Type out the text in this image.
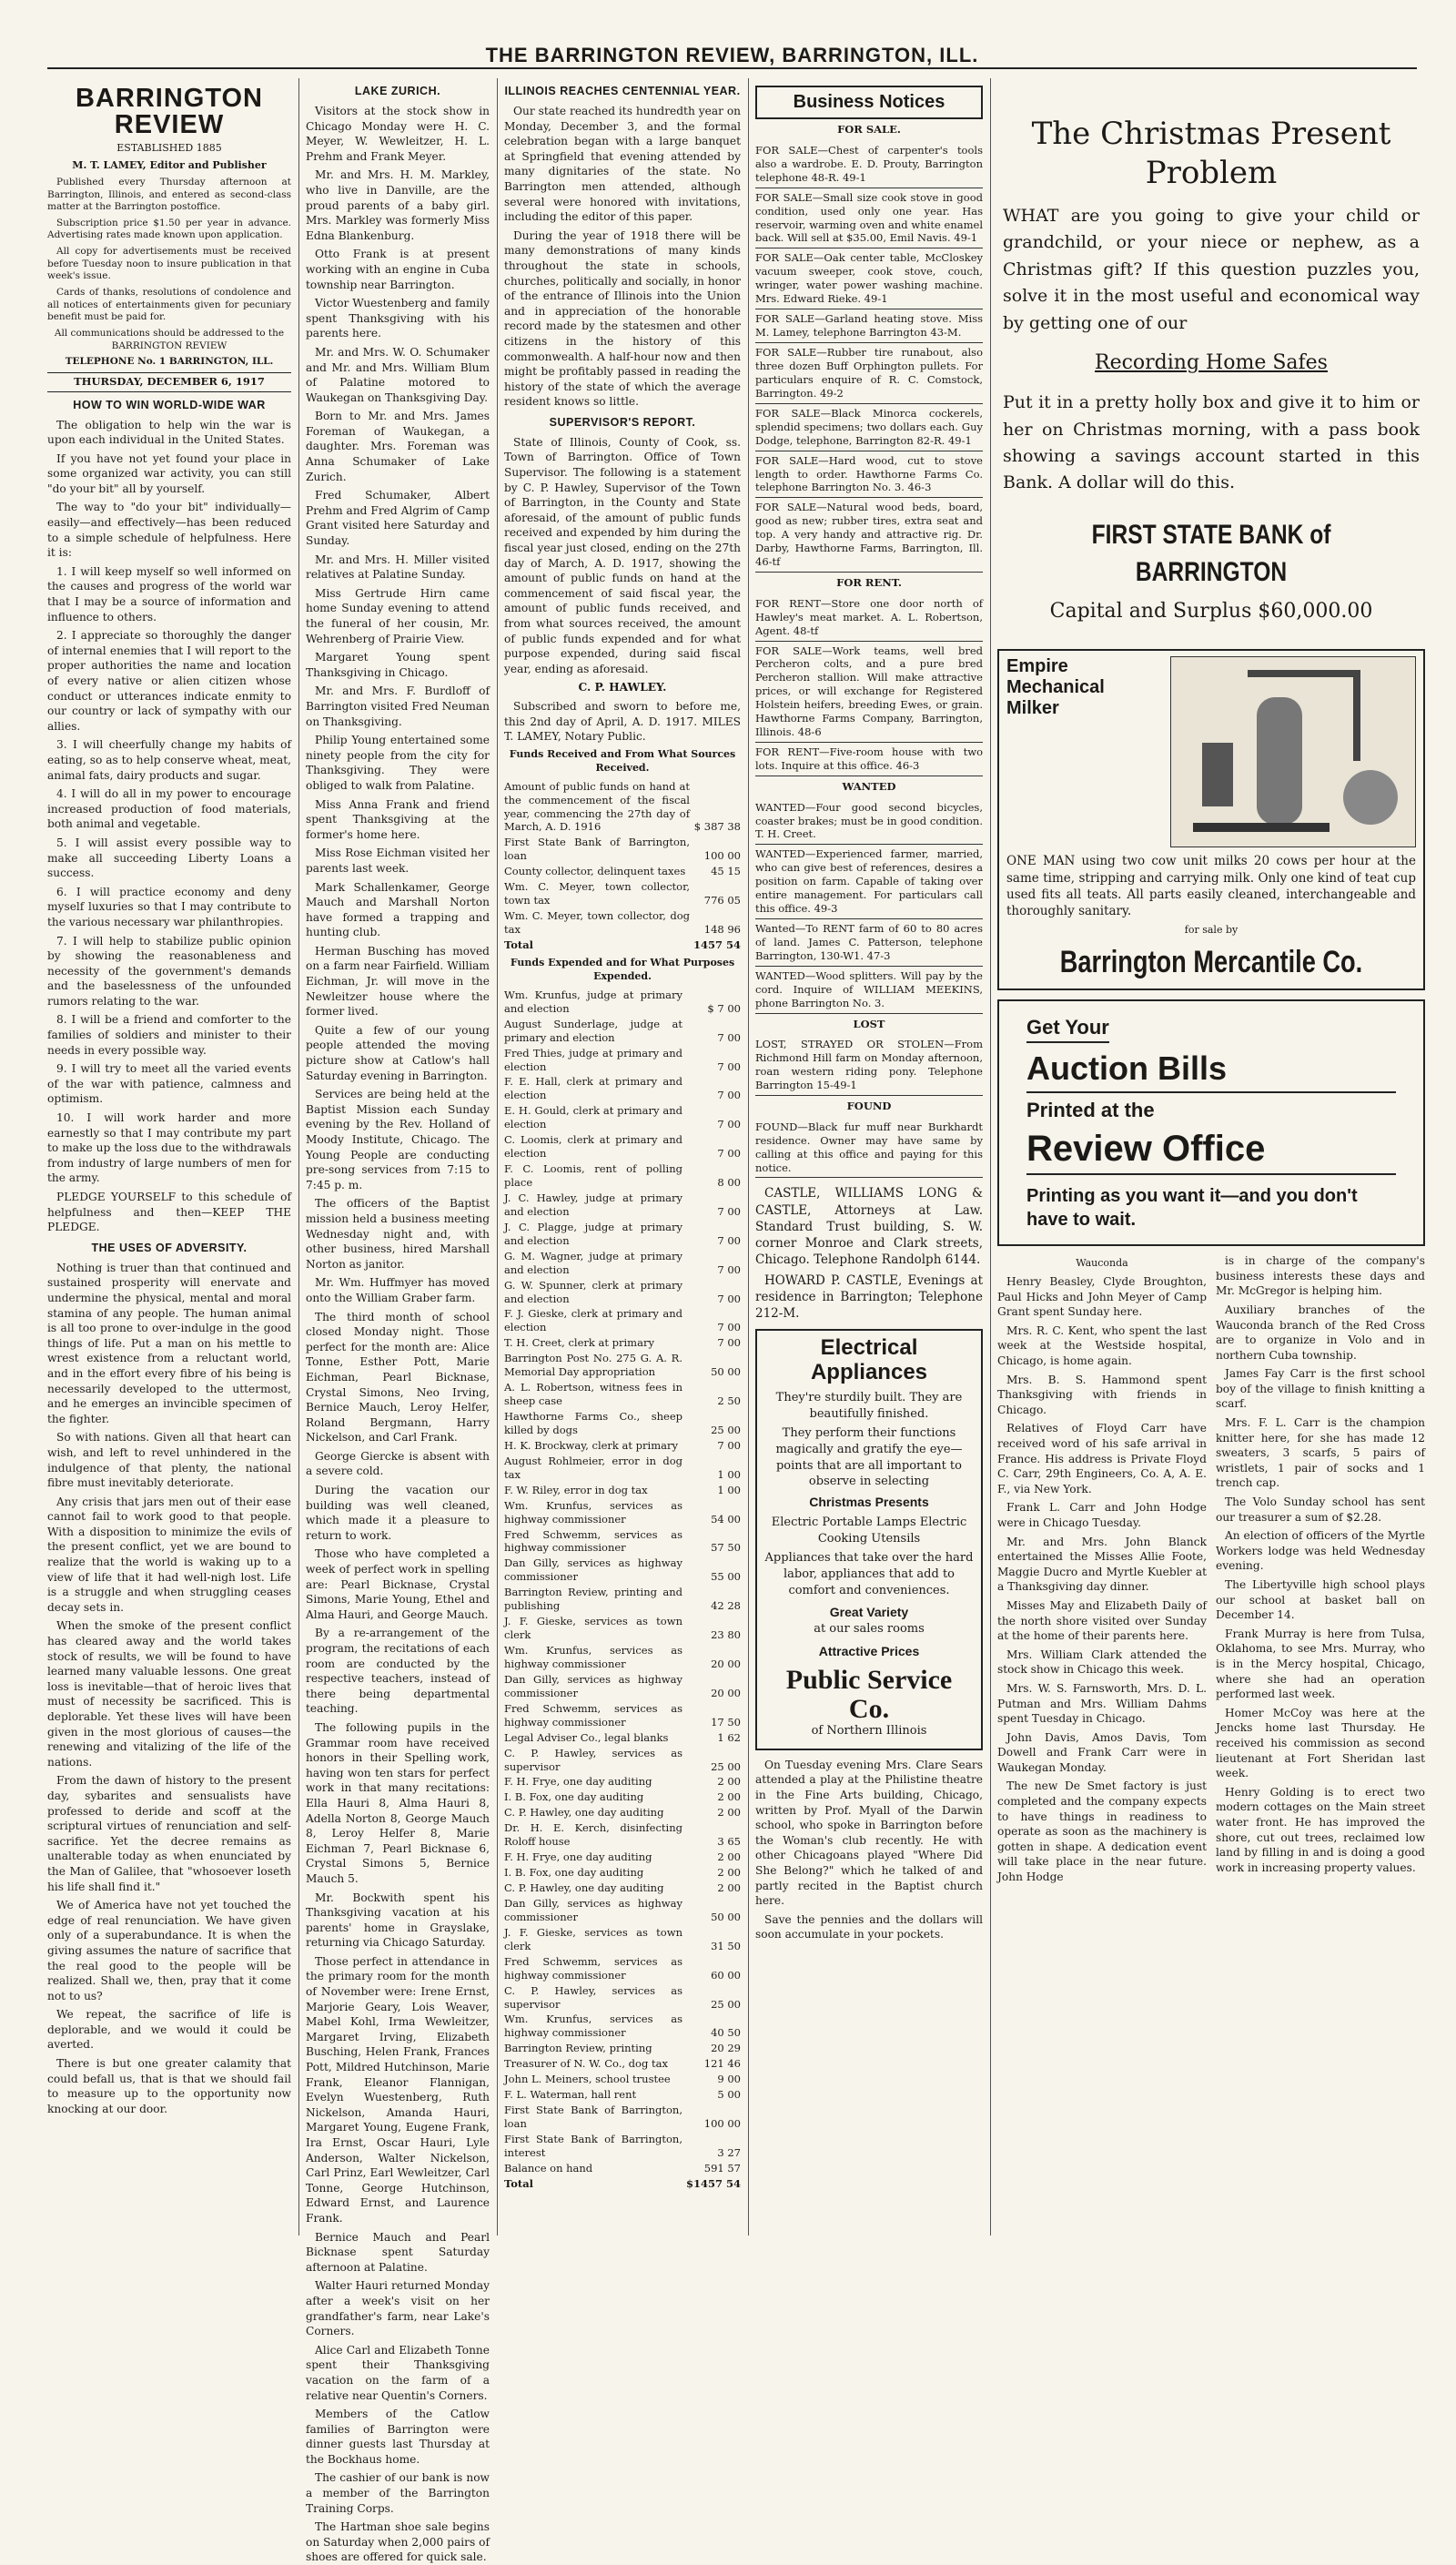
THE BARRINGTON REVIEW, BARRINGTON, ILL.
BARRINGTON REVIEW
ESTABLISHED 1885
M. T. LAMEY, Editor and Publisher

Published every Thursday afternoon at Barrington, Illinois, and entered as second-class matter at the Barrington postoffice.

Subscription price $1.50 per year in advance. Advertising rates made known upon application.

All copy for advertisements must be received before Tuesday noon to insure publication in that week's issue.

Cards of thanks, resolutions of condolence and all notices of entertainments given for pecuniary benefit must be paid for.

All communications should be addressed to the BARRINGTON REVIEW

TELEPHONE No. 1 BARRINGTON, ILL.

THURSDAY, DECEMBER 6, 1917
HOW TO WIN WORLD-WIDE WAR

The obligation to help win the war is upon each individual in the United States.

If you have not yet found your place in some organized war activity, you can still "do your bit" all by yourself.

The way to "do your bit" individually—easily—and effectively—has been reduced to a simple schedule of helpfulness. Here it is:

1. I will keep myself so well informed on the causes and progress of the world war that I may be a source of information and influence to others.

2. I appreciate so thoroughly the danger of internal enemies that I will report to the proper authorities the name and location of every native or alien citizen whose conduct or utterances indicate enmity to our country or lack of sympathy with our allies.

3. I will cheerfully change my habits of eating, so as to help conserve wheat, meat, animal fats, dairy products and sugar.

4. I will do all in my power to encourage increased production of food materials, both animal and vegetable.

5. I will assist every possible way to make all succeeding Liberty Loans a success.

6. I will practice economy and deny myself luxuries so that I may contribute to the various necessary war philanthropies.

7. I will help to stabilize public opinion by showing the reasonableness and necessity of the government's demands and the baselessness of the unfounded rumors relating to the war.

8. I will be a friend and comforter to the families of soldiers and minister to their needs in every possible way.

9. I will try to meet all the varied events of the war with patience, calmness and optimism.

10. I will work harder and more earnestly so that I may contribute my part to make up the loss due to the withdrawals from industry of large numbers of men for the army.

PLEDGE YOURSELF to this schedule of helpfulness and then—KEEP THE PLEDGE.

THE USES OF ADVERSITY.

Nothing is truer than that continued and sustained prosperity will enervate and undermine the physical, mental and moral stamina of any people. The human animal is all too prone to over-indulge in the good things of life. Put a man on his mettle to wrest existence from a reluctant world, and in the effort every fibre of his being is necessarily developed to the uttermost, and he emerges an invincible specimen of the fighter.

So with nations. Given all that heart can wish, and left to revel unhindered in the indulgence of that plenty, the national fibre must inevitably deteriorate.

Any crisis that jars men out of their ease cannot fail to work good to that people. With a disposition to minimize the evils of the present conflict, yet we are bound to realize that the world is waking up to a view of life that it had well-nigh lost. Life is a struggle and when struggling ceases decay sets in.

When the smoke of the present conflict has cleared away and the world takes stock of results, we will be found to have learned many valuable lessons. One great loss is inevitable—that of heroic lives that must of necessity be sacrificed. This is deplorable. Yet these lives will have been given in the most glorious of causes—the renewing and vitalizing of the life of the nations.

From the dawn of history to the present day, sybarites and sensualists have professed to deride and scoff at the scriptural virtues of renunciation and self-sacrifice. Yet the decree remains as unalterable today as when enunciated by the Man of Galilee, that "whosoever loseth his life shall find it."

We of America have not yet touched the edge of real renunciation. We have given only of a superabundance. It is when the giving assumes the nature of sacrifice that the real good to the people will be realized. Shall we, then, pray that it come not to us?

We repeat, the sacrifice of life is deplorable, and we would it could be averted.

There is but one greater calamity that could befall us, that is that we should fail to measure up to the opportunity now knocking at our door.

LAKE ZURICH.

Visitors at the stock show in Chicago Monday were H. C. Meyer, W. Wewleitzer, H. L. Prehm and Frank Meyer.

Mr. and Mrs. H. M. Markley, who live in Danville, are the proud parents of a baby girl. Mrs. Markley was formerly Miss Edna Blankenburg.

Otto Frank is at present working with an engine in Cuba township near Barrington.

Victor Wuestenberg and family spent Thanksgiving with his parents here.

Mr. and Mrs. W. O. Schumaker and Mr. and Mrs. William Blum of Palatine motored to Waukegan on Thanksgiving Day.

Born to Mr. and Mrs. James Foreman of Waukegan, a daughter. Mrs. Foreman was Anna Schumaker of Lake Zurich.

Fred Schumaker, Albert Prehm and Fred Algrim of Camp Grant visited here Saturday and Sunday.

Mr. and Mrs. H. Miller visited relatives at Palatine Sunday.

Miss Gertrude Hirn came home Sunday evening to attend the funeral of her cousin, Mr. Wehrenberg of Prairie View.

Margaret Young spent Thanksgiving in Chicago.

Mr. and Mrs. F. Burdloff of Barrington visited Fred Neuman on Thanksgiving.

Philip Young entertained some ninety people from the city for Thanksgiving. They were obliged to walk from Palatine.

Miss Anna Frank and friend spent Thanksgiving at the former's home here.

Miss Rose Eichman visited her parents last week.

Mark Schallenkamer, George Mauch and Marshall Norton have formed a trapping and hunting club.

Herman Busching has moved on a farm near Fairfield. William Eichman, Jr. will move in the Newleitzer house where the former lived.

Quite a few of our young people attended the moving picture show at Catlow's hall Saturday evening in Barrington.

Services are being held at the Baptist Mission each Sunday evening by the Rev. Holland of Moody Institute, Chicago. The Young People are conducting pre-song services from 7:15 to 7:45 p. m.

The officers of the Baptist mission held a business meeting Wednesday night and, with other business, hired Marshall Norton as janitor.

Mr. Wm. Huffmyer has moved onto the William Graber farm.

The third month of school closed Monday night. Those perfect for the month are: Alice Tonne, Esther Pott, Marie Eichman, Pearl Bicknase, Crystal Simons, Neo Irving, Bernice Mauch, Leroy Helfer, Roland Bergmann, Harry Nickelson, and Carl Frank.

George Giercke is absent with a severe cold.

During the vacation our building was well cleaned, which made it a pleasure to return to work.

Those who have completed a week of perfect work in spelling are: Pearl Bicknase, Crystal Simons, Marie Young, Ethel and Alma Hauri, and George Mauch.

By a re-arrangement of the program, the recitations of each room are conducted by the respective teachers, instead of there being departmental teaching.

The following pupils in the Grammar room have received honors in their Spelling work, having won ten stars for perfect work in that many recitations: Ella Hauri 8, Alma Hauri 8, Adella Norton 8, George Mauch 8, Leroy Helfer 8, Marie Eichman 7, Pearl Bicknase 6, Crystal Simons 5, Bernice Mauch 5.

Mr. Bockwith spent his Thanksgiving vacation at his parents' home in Grayslake, returning via Chicago Saturday.

Those perfect in attendance in the primary room for the month of November were: Irene Ernst, Marjorie Geary, Lois Weaver, Mabel Kohl, Irma Wewleitzer, Margaret Irving, Elizabeth Busching, Helen Frank, Frances Pott, Mildred Hutchinson, Marie Frank, Eleanor Flannigan, Evelyn Wuestenberg, Ruth Nickelson, Amanda Hauri, Margaret Young, Eugene Frank, Ira Ernst, Oscar Hauri, Lyle Anderson, Walter Nickelson, Carl Prinz, Earl Wewleitzer, Carl Tonne, George Hutchinson, Edward Ernst, and Laurence Frank.

Bernice Mauch and Pearl Bicknase spent Saturday afternoon at Palatine.

Walter Hauri returned Monday after a week's visit on her grandfather's farm, near Lake's Corners.

Alice Carl and Elizabeth Tonne spent their Thanksgiving vacation on the farm of a relative near Quentin's Corners.

Members of the Catlow families of Barrington were dinner guests last Thursday at the Bockhaus home.

The cashier of our bank is now a member of the Barrington Training Corps.

The Hartman shoe sale begins on Saturday when 2,000 pairs of shoes are offered for quick sale.

ILLINOIS REACHES CENTENNIAL YEAR.

Our state reached its hundredth year on Monday, December 3, and the formal celebration began with a large banquet at Springfield that evening attended by many dignitaries of the state. No Barrington men attended, although several were honored with invitations, including the editor of this paper.

During the year of 1918 there will be many demonstrations of many kinds throughout the state in schools, churches, politically and socially, in honor of the entrance of Illinois into the Union and in appreciation of the honorable record made by the statesmen and other citizens in the history of this commonwealth. A half-hour now and then might be profitably passed in reading the history of the state of which the average resident knows so little.

SUPERVISOR'S REPORT.

State of Illinois, County of Cook, ss. Town of Barrington. Office of Town Supervisor. The following is a statement by C. P. Hawley, Supervisor of the Town of Barrington, in the County and State aforesaid, of the amount of public funds received and expended by him during the fiscal year just closed, ending on the 27th day of March, A. D. 1917, showing the amount of public funds on hand at the commencement of said fiscal year, the amount of public funds received, and from what sources received, the amount of public funds expended and for what purpose expended, during said fiscal year, ending as aforesaid.

C. P. HAWLEY.

Subscribed and sworn to before me, this 2nd day of April, A. D. 1917. MILES T. LAMEY, Notary Public.

Funds Received and From What Sources Received.
Amount of public funds on hand at the commencement of the fiscal year, commencing the 27th day of March, A. D. 1916	$ 387 38
First State Bank of Barrington, loan	100 00
County collector, delinquent taxes	45 15
Wm. C. Meyer, town collector, town tax	776 05
Wm. C. Meyer, town collector, dog tax	148 96
Total	1457 54
Funds Expended and for What Purposes Expended.
Wm. Krunfus, judge at primary and election	$ 7 00
August Sunderlage, judge at primary and election	7 00
Fred Thies, judge at primary and election	7 00
F. E. Hall, clerk at primary and election	7 00
E. H. Gould, clerk at primary and election	7 00
C. Loomis, clerk at primary and election	7 00
F. C. Loomis, rent of polling place	8 00
J. C. Hawley, judge at primary and election	7 00
J. C. Plagge, judge at primary and election	7 00
G. M. Wagner, judge at primary and election	7 00
G. W. Spunner, clerk at primary and election	7 00
F. J. Gieske, clerk at primary and election	7 00
T. H. Creet, clerk at primary	7 00
Barrington Post No. 275 G. A. R. Memorial Day appropriation	50 00
A. L. Robertson, witness fees in sheep case	2 50
Hawthorne Farms Co., sheep killed by dogs	25 00
H. K. Brockway, clerk at primary	7 00
August Rohlmeier, error in dog tax	1 00
F. W. Riley, error in dog tax	1 00
Wm. Krunfus, services as highway commissioner	54 00
Fred Schwemm, services as highway commissioner	57 50
Dan Gilly, services as highway commissioner	55 00
Barrington Review, printing and publishing	42 28
J. F. Gieske, services as town clerk	23 80
Wm. Krunfus, services as highway commissioner	20 00
Dan Gilly, services as highway commissioner	20 00
Fred Schwemm, services as highway commissioner	17 50
Legal Adviser Co., legal blanks	1 62
C. P. Hawley, services as supervisor	25 00
F. H. Frye, one day auditing	2 00
I. B. Fox, one day auditing	2 00
C. P. Hawley, one day auditing	2 00
Dr. H. E. Kerch, disinfecting Roloff house	3 65
F. H. Frye, one day auditing	2 00
I. B. Fox, one day auditing	2 00
C. P. Hawley, one day auditing	2 00
Dan Gilly, services as highway commissioner	50 00
J. F. Gieske, services as town clerk	31 50
Fred Schwemm, services as highway commissioner	60 00
C. P. Hawley, services as supervisor	25 00
Wm. Krunfus, services as highway commissioner	40 50
Barrington Review, printing	20 29
Treasurer of N. W. Co., dog tax	121 46
John L. Meiners, school trustee	9 00
F. L. Waterman, hall rent	5 00
First State Bank of Barrington, loan	100 00
First State Bank of Barrington, interest	3 27
Balance on hand	591 57
Total	$1457 54
Business Notices
FOR SALE.
FOR SALE—Chest of carpenter's tools also a wardrobe. E. D. Prouty, Barrington telephone 48-R. 49-1
FOR SALE—Small size cook stove in good condition, used only one year. Has reservoir, warming oven and white enamel back. Will sell at $35.00, Emil Navis. 49-1
FOR SALE—Oak center table, McCloskey vacuum sweeper, cook stove, couch, wringer, water power washing machine. Mrs. Edward Rieke. 49-1
FOR SALE—Garland heating stove. Miss M. Lamey, telephone Barrington 43-M.
FOR SALE—Rubber tire runabout, also three dozen Buff Orphington pullets. For particulars enquire of R. C. Comstock, Barrington. 49-2
FOR SALE—Black Minorca cockerels, splendid specimens; two dollars each. Guy Dodge, telephone, Barrington 82-R. 49-1
FOR SALE—Hard wood, cut to stove length to order. Hawthorne Farms Co. telephone Barrington No. 3. 46-3
FOR SALE—Natural wood beds, board, good as new; rubber tires, extra seat and top. A very handy and attractive rig. Dr. Darby, Hawthorne Farms, Barrington, Ill. 46-tf
FOR RENT.
FOR RENT—Store one door north of Hawley's meat market. A. L. Robertson, Agent. 48-tf
FOR SALE—Work teams, well bred Percheron colts, and a pure bred Percheron stallion. Will make attractive prices, or will exchange for Registered Holstein heifers, breeding Ewes, or grain. Hawthorne Farms Company, Barrington, Illinois. 48-6
FOR RENT—Five-room house with two lots. Inquire at this office. 46-3
WANTED
WANTED—Four good second bicycles, coaster brakes; must be in good condition. T. H. Creet.
WANTED—Experienced farmer, married, who can give best of references, desires a position on farm. Capable of taking over entire management. For particulars call this office. 49-3
Wanted—To RENT farm of 60 to 80 acres of land. James C. Patterson, telephone Barrington, 130-W1. 47-3
WANTED—Wood splitters. Will pay by the cord. Inquire of WILLIAM MEEKINS, phone Barrington No. 3.
LOST
LOST, STRAYED OR STOLEN—From Richmond Hill farm on Monday afternoon, roan western riding pony. Telephone Barrington 15-49-1
FOUND
FOUND—Black fur muff near Burkhardt residence. Owner may have same by calling at this office and paying for this notice.

CASTLE, WILLIAMS LONG & CASTLE, Attorneys at Law. Standard Trust building, S. W. corner Monroe and Clark streets, Chicago. Telephone Randolph 6144.

HOWARD P. CASTLE, Evenings at residence in Barrington; Telephone 212-M.

Electrical
Appliances

They're sturdily built. They are beautifully finished.

They perform their functions magically and gratify the eye—points that are all important to observe in selecting

Christmas Presents

Electric Portable Lamps Electric Cooking Utensils

Appliances that take over the hard labor, appliances that add to comfort and conveniences.

Great Variety

at our sales rooms

Attractive Prices
Public Service Co.

of Northern Illinois

On Tuesday evening Mrs. Clare Sears attended a play at the Philistine theatre in the Fine Arts building, Chicago, written by Prof. Myall of the Darwin school, who spoke in Barrington before the Woman's club recently. He with other Chicagoans played "Where Did She Belong?" which he talked of and partly recited in the Baptist church here.

Save the pennies and the dollars will soon accumulate in your pockets.

The Christmas Present Problem

WHAT are you going to give your child or grandchild, or your niece or nephew, as a Christmas gift? If this question puzzles you, solve it in the most useful and economical way by getting one of our

Recording Home Safes

Put it in a pretty holly box and give it to him or her on Christmas morning, with a pass book showing a savings account started in this Bank. A dollar will do this.

FIRST STATE BANK of BARRINGTON
Capital and Surplus $60,000.00
Empire
Mechanical
Milker

ONE MAN using two cow unit milks 20 cows per hour at the same time, stripping and carrying milk. Only one kind of teat cup used fits all teats. All parts easily cleaned, interchangeable and thoroughly sanitary.

for sale by
Barrington Mercantile Co.
Get Your
Auction Bills
Printed at the
Review Office
Printing as you want it—and you don't have to wait.
Wauconda

Henry Beasley, Clyde Broughton, Paul Hicks and John Meyer of Camp Grant spent Sunday here.

Mrs. R. C. Kent, who spent the last week at the Westside hospital, Chicago, is home again.

Mrs. B. S. Hammond spent Thanksgiving with friends in Chicago.

Relatives of Floyd Carr have received word of his safe arrival in France. His address is Private Floyd C. Carr, 29th Engineers, Co. A, A. E. F., via New York.

Frank L. Carr and John Hodge were in Chicago Tuesday.

Mr. and Mrs. John Blanck entertained the Misses Allie Foote, Maggie Ducro and Myrtle Kuebler at a Thanksgiving day dinner.

Misses May and Elizabeth Daily of the north shore visited over Sunday at the home of their parents here.

Mrs. William Clark attended the stock show in Chicago this week.

Mrs. W. S. Farnsworth, Mrs. D. L. Putman and Mrs. William Dahms spent Tuesday in Chicago.

John Davis, Amos Davis, Tom Dowell and Frank Carr were in Waukegan Monday.

The new De Smet factory is just completed and the company expects to have things in readiness to operate as soon as the machinery is gotten in shape. A dedication event will take place in the near future. John Hodge

is in charge of the company's business interests these days and Mr. McGregor is helping him.

Auxiliary branches of the Wauconda branch of the Red Cross are to organize in Volo and in northern Cuba township.

James Fay Carr is the first school boy of the village to finish knitting a scarf.

Mrs. F. L. Carr is the champion knitter here, for she has made 12 sweaters, 3 scarfs, 5 pairs of wristlets, 1 pair of socks and 1 trench cap.

The Volo Sunday school has sent our treasurer a sum of $2.28.

An election of officers of the Myrtle Workers lodge was held Wednesday evening.

The Libertyville high school plays our school at basket ball on December 14.

Frank Murray is here from Tulsa, Oklahoma, to see Mrs. Murray, who is in the Mercy hospital, Chicago, where she had an operation performed last week.

Homer McCoy was here at the Jencks home last Thursday. He received his commission as second lieutenant at Fort Sheridan last week.

Henry Golding is to erect two modern cottages on the Main street water front. He has improved the shore, cut out trees, reclaimed low land by filling in and is doing a good work in increasing property values.
